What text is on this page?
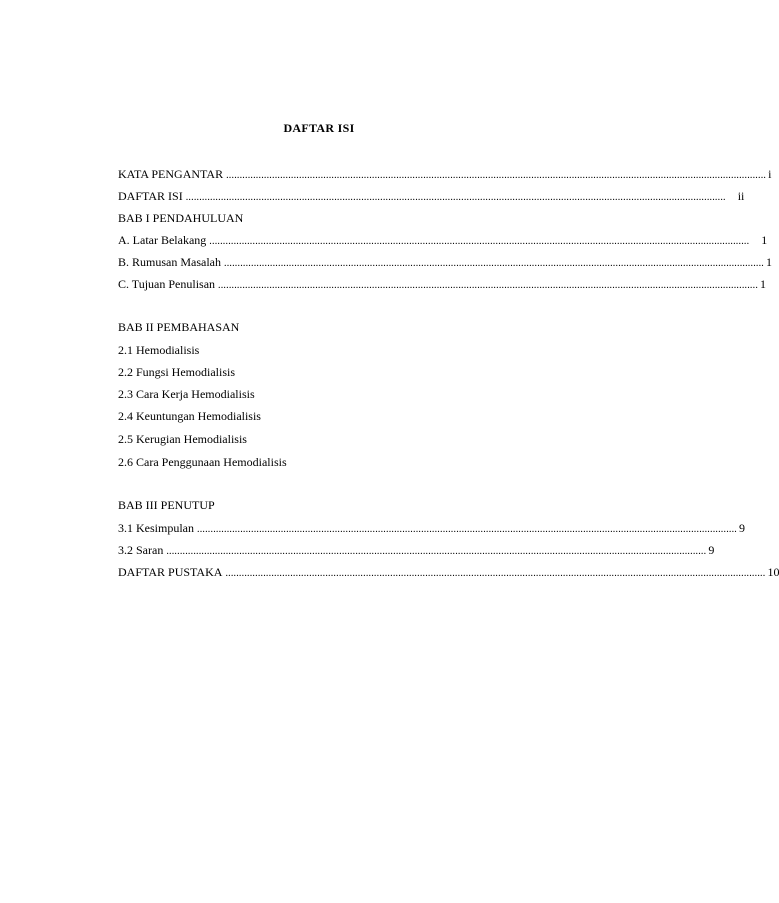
DAFTAR ISI
KATA PENGANTAR ........................................................................................................................................................................................................ i
DAFTAR ISI ........................................................................................................................................................................................................ ii
BAB I PENDAHULUAN
A. Latar Belakang ........................................................................................................................................................................................................ 1
B. Rumusan Masalah ........................................................................................................................................................................................................ 1
C. Tujuan Penulisan ........................................................................................................................................................................................................ 1
BAB II PEMBAHASAN
2.1 Hemodialisis
2.2 Fungsi Hemodialisis
2.3 Cara Kerja Hemodialisis
2.4 Keuntungan Hemodialisis
2.5 Kerugian Hemodialisis
2.6 Cara Penggunaan Hemodialisis
BAB III PENUTUP
3.1 Kesimpulan ........................................................................................................................................................................................................ 9
3.2 Saran ........................................................................................................................................................................................................ 9
DAFTAR PUSTAKA ........................................................................................................................................................................................................ 10
